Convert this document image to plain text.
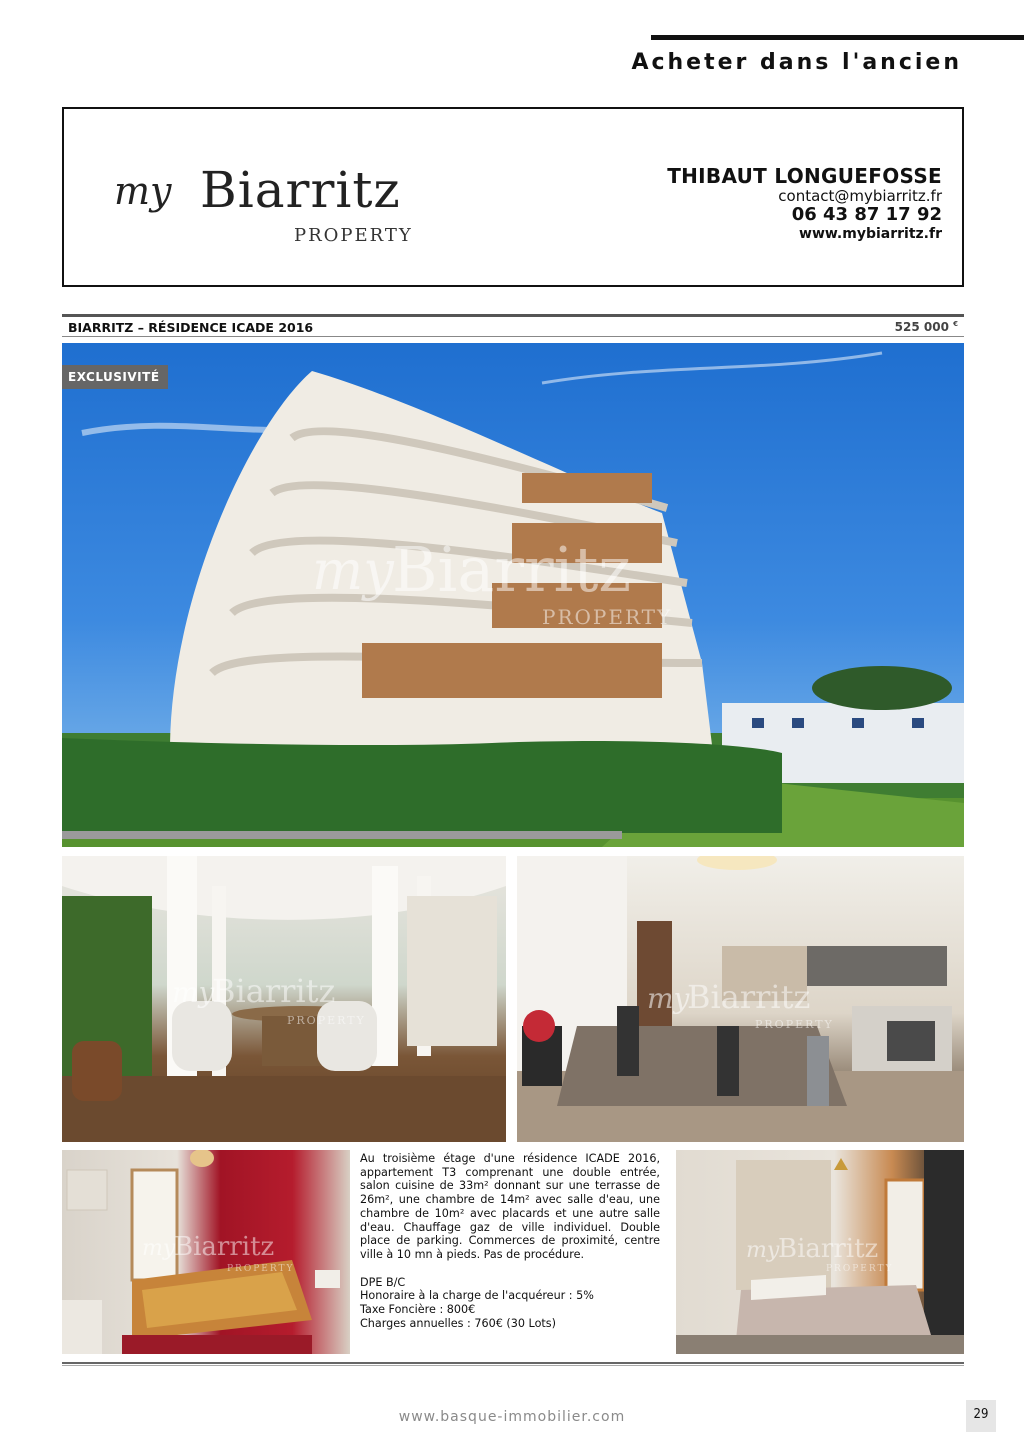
Acheter dans l'ancien
my Biarritz
PROPERTY
THIBAUT LONGUEFOSSE
contact@mybiarritz.fr
06 43 87 17 92
www.mybiarritz.fr
BIARRITZ – RÉSIDENCE ICADE 2016	525 000 €
EXCLUSIVITÉ
my
Biarritz
PROPERTY
my
Biarritz
PROPERTY
my
Biarritz
PROPERTY
my
Biarritz
PROPERTY

Au troisième étage d'une résidence ICADE 2016, appartement T3 comprenant une double entrée, salon cuisine de 33m² donnant sur une terrasse de 26m², une chambre de 14m² avec salle d'eau, une chambre de 10m² avec placards et une autre salle d'eau. Chauffage gaz de ville individuel. Double place de parking. Commerces de proximité, centre ville à 10 mn à pieds. Pas de procédure.

DPE B/C
Honoraire à la charge de l'acquéreur : 5%
Taxe Foncière : 800€
Charges annuelles : 760€ (30 Lots)
my
Biarritz
PROPERTY
www.basque-immobilier.com	29
